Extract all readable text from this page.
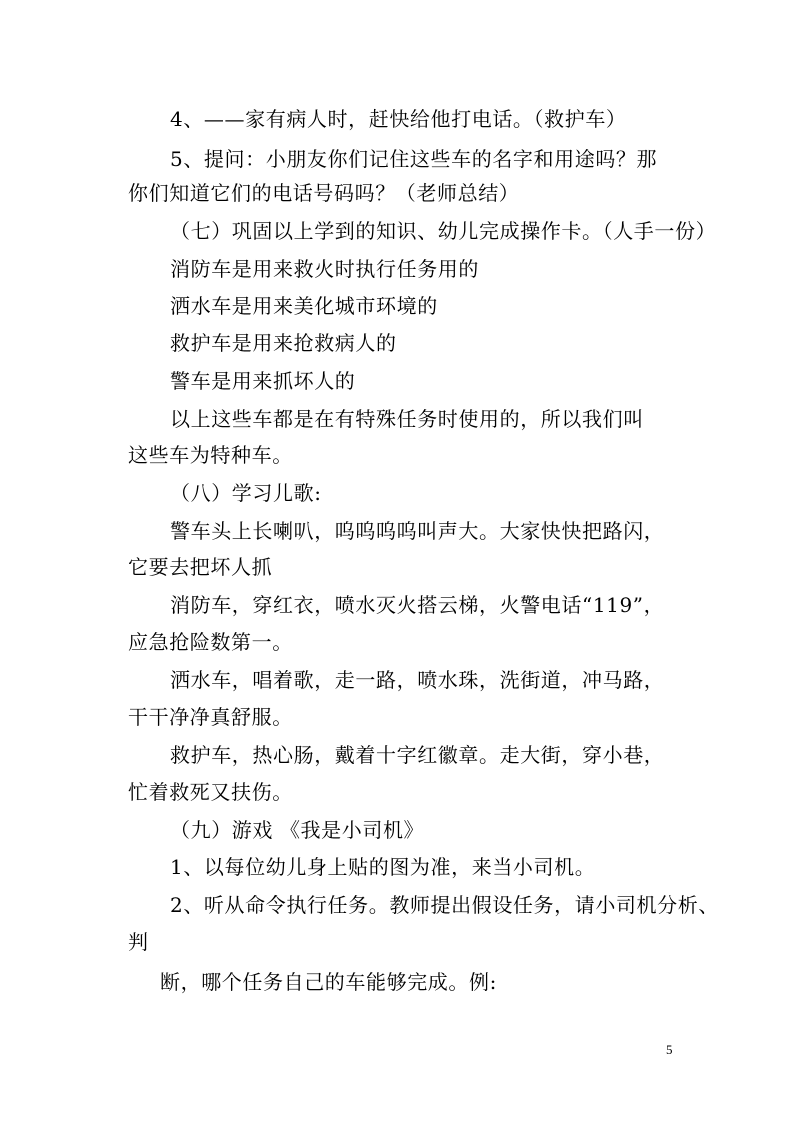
4、——家有病人时，赶快给他打电话。（救护车）
5、提问：小朋友你们记住这些车的名字和用途吗？那
你们知道它们的电话号码吗？（老师总结）
（七）巩固以上学到的知识、幼儿完成操作卡。（人手一份）
消防车是用来救火时执行任务用的
洒水车是用来美化城市环境的
救护车是用来抢救病人的
警车是用来抓坏人的
以上这些车都是在有特殊任务时使用的，所以我们叫
这些车为特种车。
（八）学习儿歌:
警车头上长喇叭，呜呜呜呜叫声大。大家快快把路闪，
它要去把坏人抓
消防车，穿红衣，喷水灭火搭云梯，火警电话“119”，
应急抢险数第一。
洒水车，唱着歌，走一路，喷水珠，洗街道，冲马路，
干干净净真舒服。
救护车，热心肠，戴着十字红徽章。走大街，穿小巷，
忙着救死又扶伤。
（九）游戏 《我是小司机》
1、以每位幼儿身上贴的图为准，来当小司机。
2、听从命令执行任务。教师提出假设任务，请小司机分析、
判
断，哪个任务自己的车能够完成。例:
5
